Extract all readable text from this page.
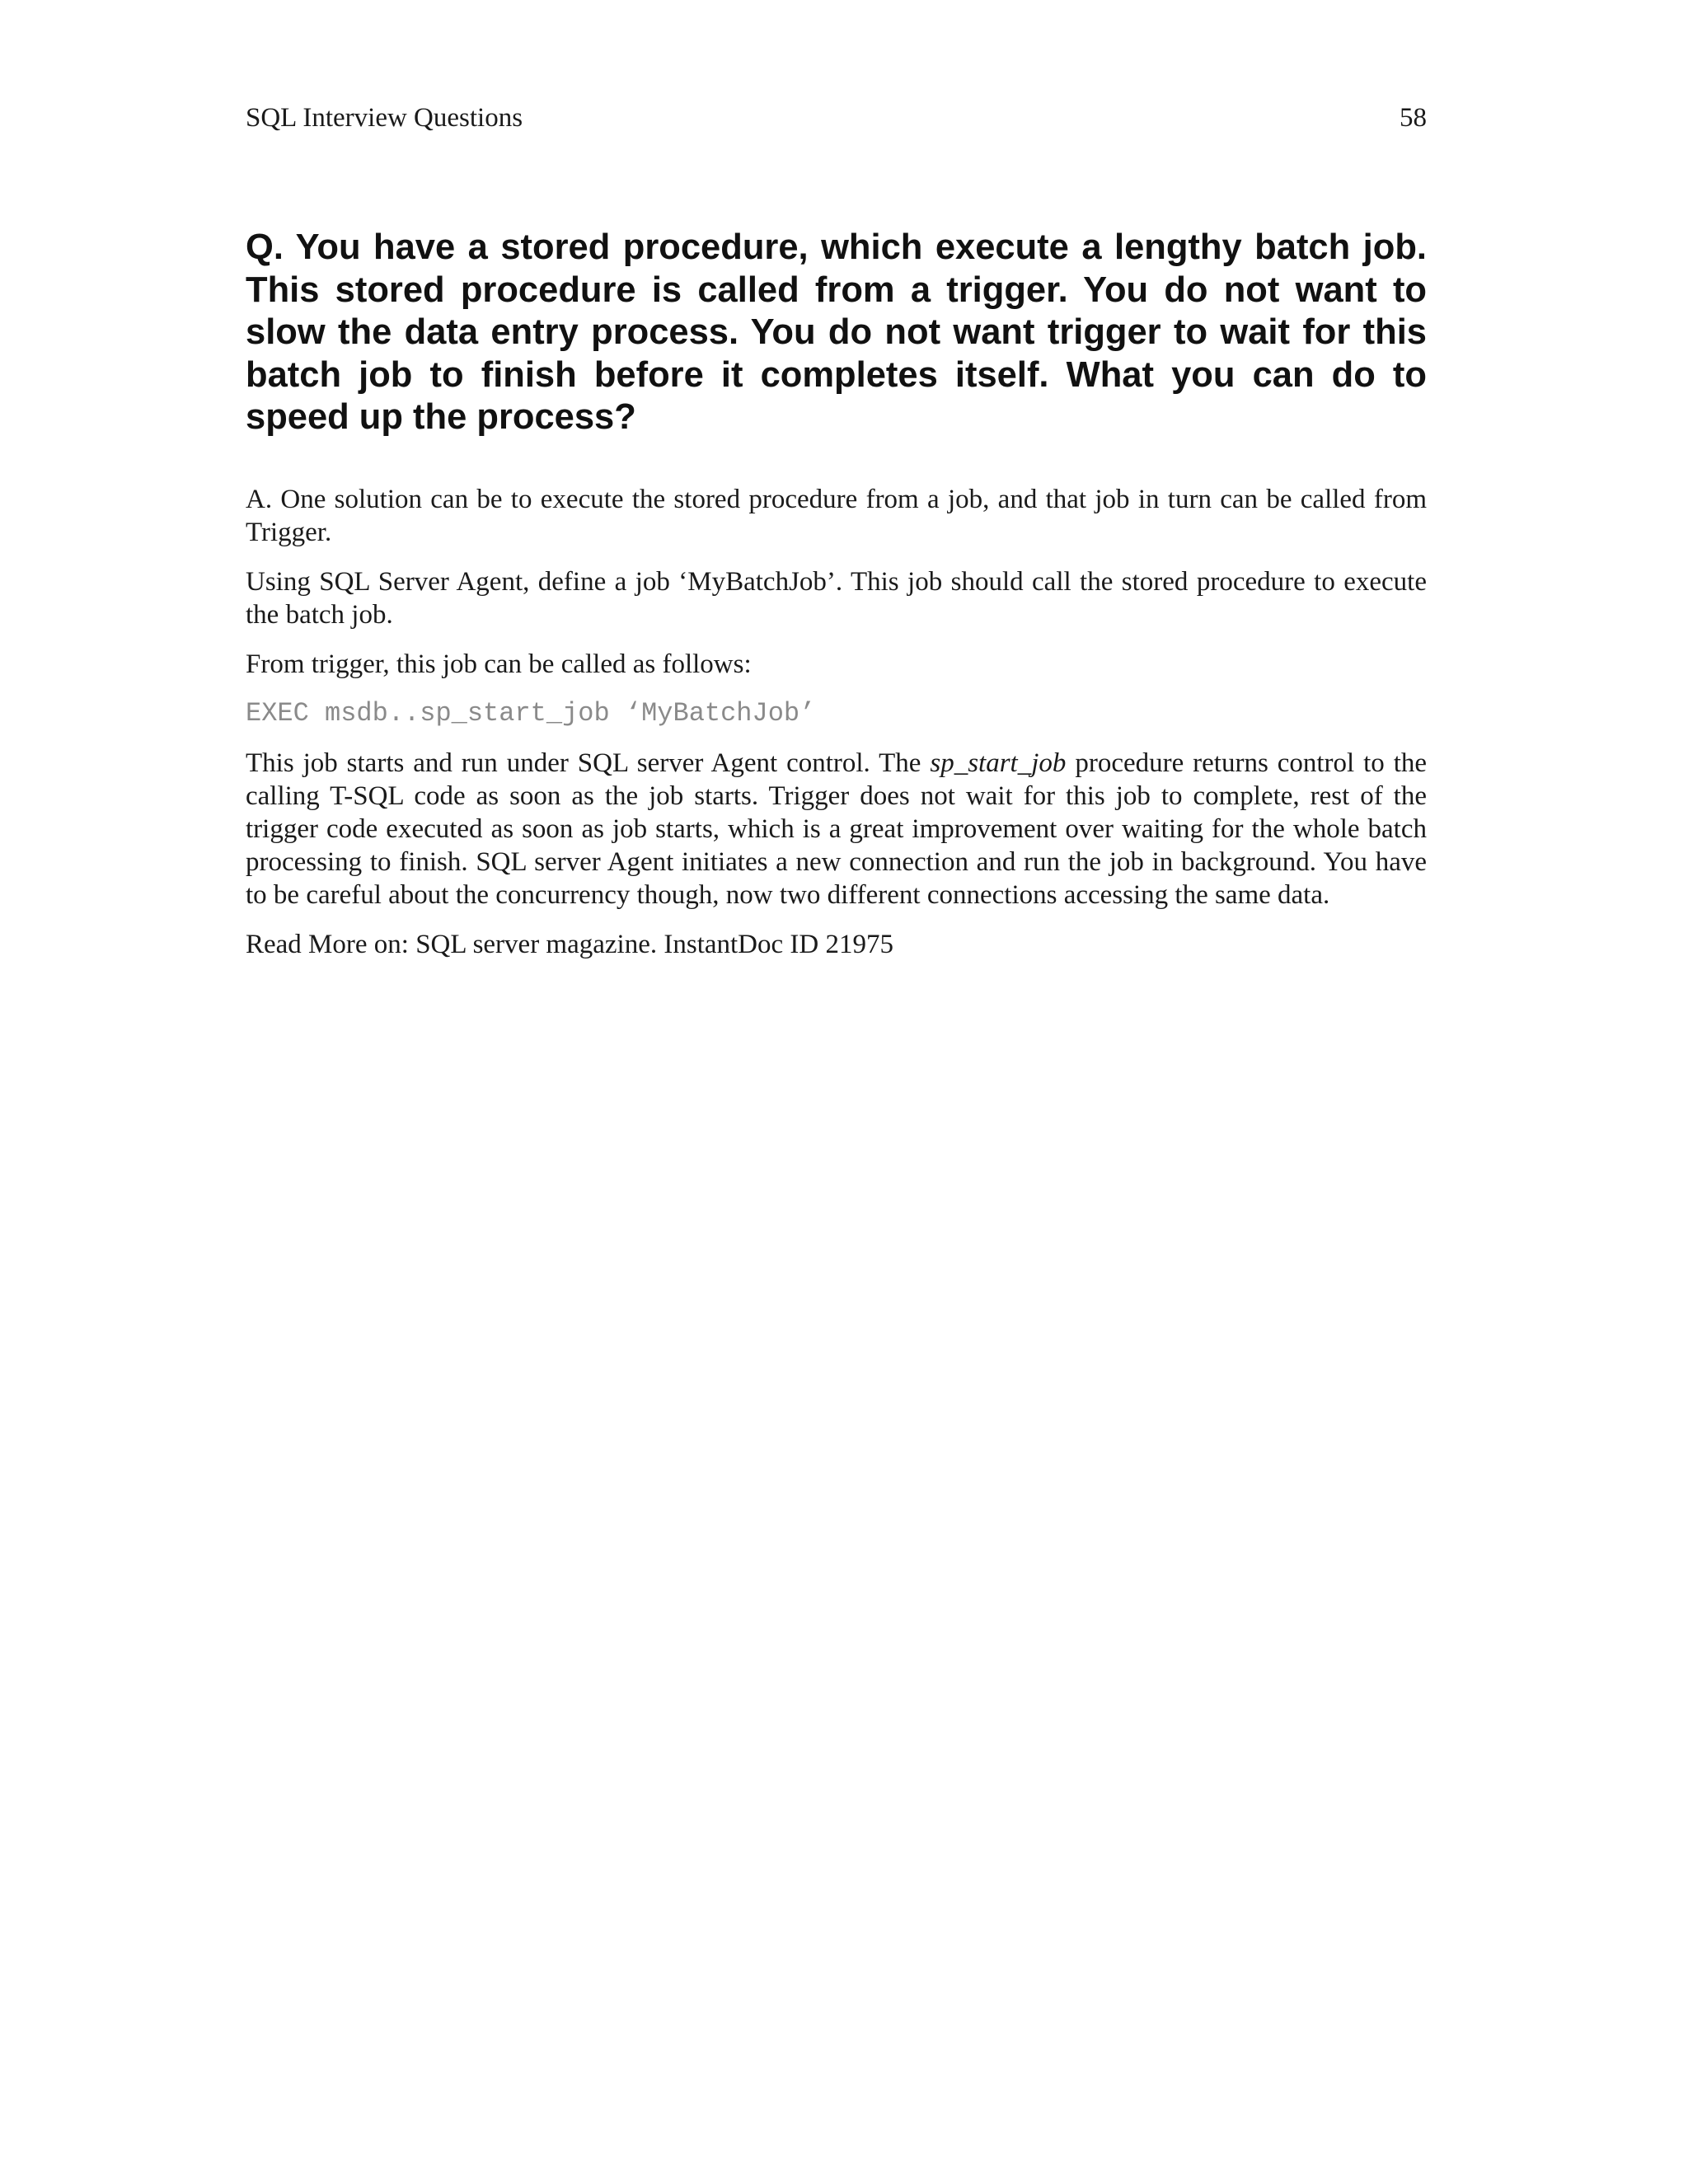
SQL Interview Questions	58
Q. You have a stored procedure, which execute a lengthy batch job. This stored procedure is called from a trigger. You do not want to slow the data entry process. You do not want trigger to wait for this batch job to finish before it completes itself. What you can do to speed up the process?

A. One solution can be to execute the stored procedure from a job, and that job in turn can be called from Trigger.

Using SQL Server Agent, define a job ‘MyBatchJob’. This job should call the stored procedure to execute the batch job.

From trigger, this job can be called as follows:

EXEC msdb..sp_start_job ‘MyBatchJob’

This job starts and run under SQL server Agent control. The sp_start_job procedure returns control to the calling T-SQL code as soon as the job starts. Trigger does not wait for this job to complete, rest of the trigger code executed as soon as job starts, which is a great improvement over waiting for the whole batch processing to finish. SQL server Agent initiates a new connection and run the job in background. You have to be careful about the concurrency though, now two different connections accessing the same data.

Read More on: SQL server magazine. InstantDoc ID 21975
